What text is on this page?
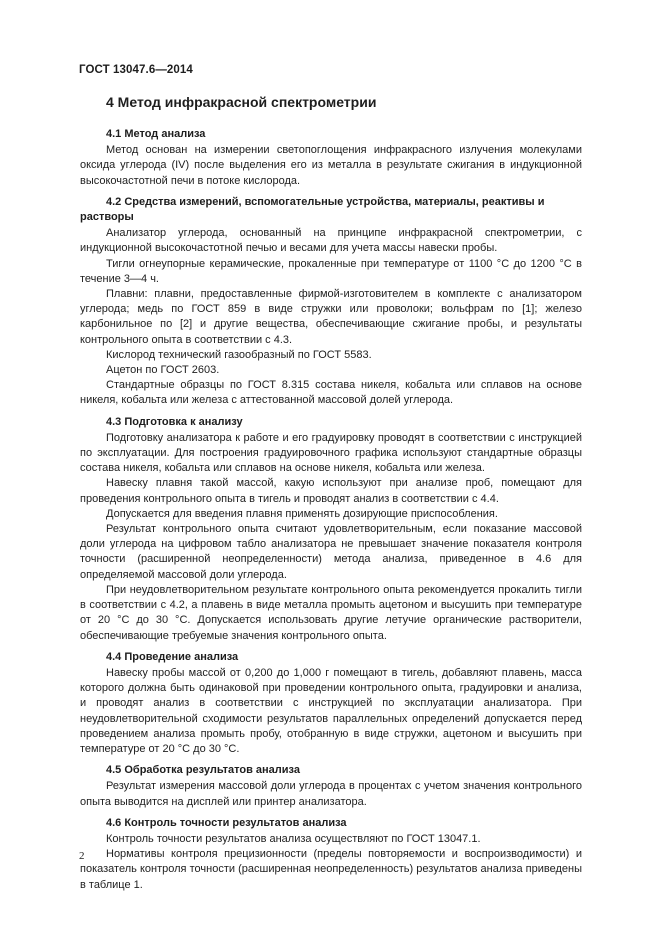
ГОСТ 13047.6—2014
4 Метод инфракрасной спектрометрии
4.1 Метод анализа

Метод основан на измерении светопоглощения инфракрасного излучения молекулами оксида углерода (IV) после выделения его из металла в результате сжигания в индукционной высокочастотной печи в потоке кислорода.

4.2 Средства измерений, вспомогательные устройства, материалы, реактивы и растворы

Анализатор углерода, основанный на принципе инфракрасной спектрометрии, с индукционной высокочастотной печью и весами для учета массы навески пробы.

Тигли огнеупорные керамические, прокаленные при температуре от 1100 °С до 1200 °С в течение 3—4 ч.

Плавни: плавни, предоставленные фирмой-изготовителем в комплекте с анализатором углерода; медь по ГОСТ 859 в виде стружки или проволоки; вольфрам по [1]; железо карбонильное по [2] и другие вещества, обеспечивающие сжигание пробы, и результаты контрольного опыта в соответствии с 4.3.

Кислород технический газообразный по ГОСТ 5583.

Ацетон по ГОСТ 2603.

Стандартные образцы по ГОСТ 8.315 состава никеля, кобальта или сплавов на основе никеля, кобальта или железа с аттестованной массовой долей углерода.

4.3 Подготовка к анализу

Подготовку анализатора к работе и его градуировку проводят в соответствии с инструкцией по эксплуатации. Для построения градуировочного графика используют стандартные образцы состава никеля, кобальта или сплавов на основе никеля, кобальта или железа.

Навеску плавня такой массой, какую используют при анализе проб, помещают для проведения контрольного опыта в тигель и проводят анализ в соответствии с 4.4.

Допускается для введения плавня применять дозирующие приспособления.

Результат контрольного опыта считают удовлетворительным, если показание массовой доли углерода на цифровом табло анализатора не превышает значение показателя контроля точности (расширенной неопределенности) метода анализа, приведенное в 4.6 для определяемой массовой доли углерода.

При неудовлетворительном результате контрольного опыта рекомендуется прокалить тигли в соответствии с 4.2, а плавень в виде металла промыть ацетоном и высушить при температуре от 20 °С до 30 °С. Допускается использовать другие летучие органические растворители, обеспечивающие требуемые значения контрольного опыта.

4.4 Проведение анализа

Навеску пробы массой от 0,200 до 1,000 г помещают в тигель, добавляют плавень, масса которого должна быть одинаковой при проведении контрольного опыта, градуировки и анализа, и проводят анализ в соответствии с инструкцией по эксплуатации анализатора. При неудовлетворительной сходимости результатов параллельных определений допускается перед проведением анализа промыть пробу, отобранную в виде стружки, ацетоном и высушить при температуре от 20 °С до 30 °С.

4.5 Обработка результатов анализа

Результат измерения массовой доли углерода в процентах с учетом значения контрольного опыта выводится на дисплей или принтер анализатора.

4.6 Контроль точности результатов анализа

Контроль точности результатов анализа осуществляют по ГОСТ 13047.1.

Нормативы контроля прецизионности (пределы повторяемости и воспроизводимости) и показатель контроля точности (расширенная неопределенность) результатов анализа приведены в таблице 1.

2
